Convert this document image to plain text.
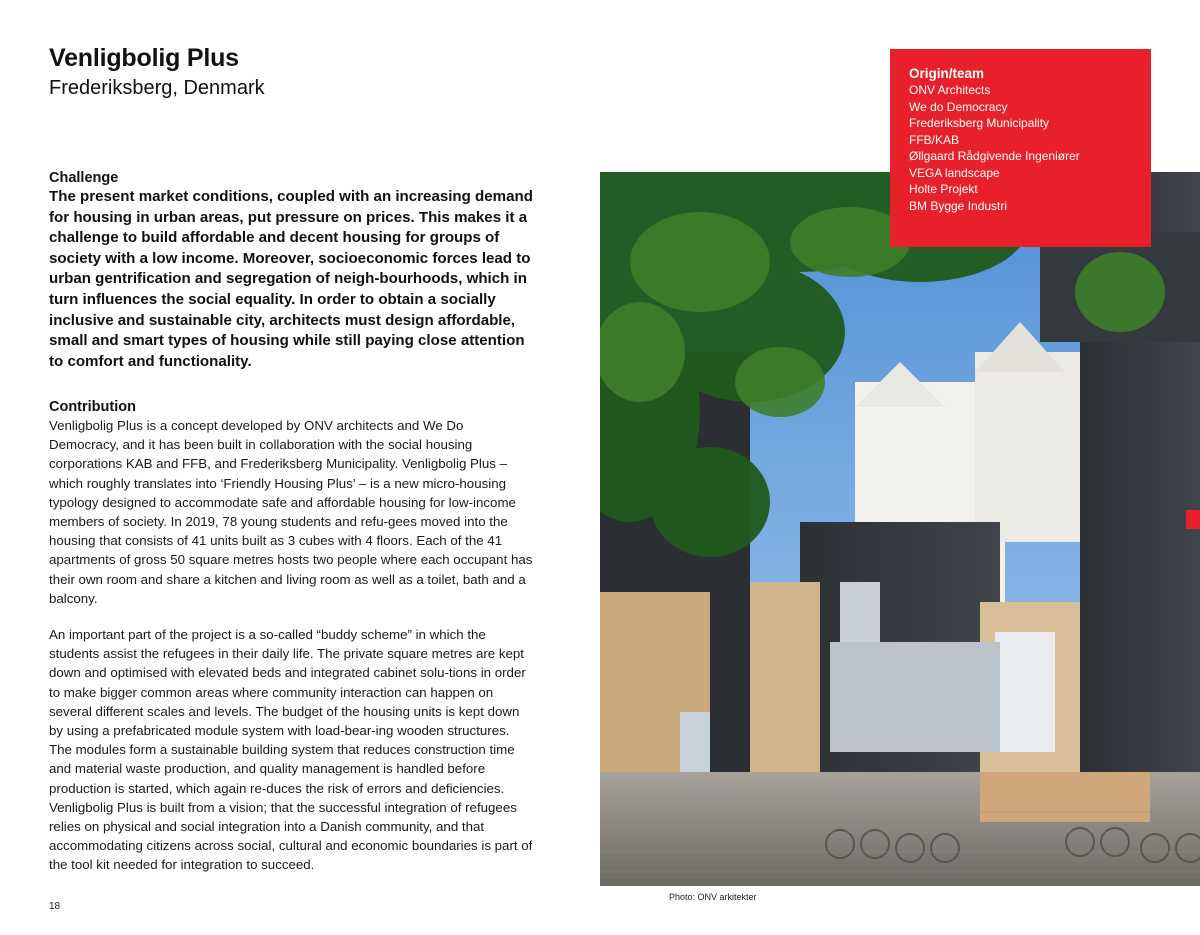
Venligbolig Plus
Frederiksberg, Denmark
Challenge

The present market conditions, coupled with an increasing demand for housing in urban areas, put pressure on prices. This makes it a challenge to build affordable and decent housing for groups of society with a low income. Moreover, socioeconomic forces lead to urban gentrification and segregation of neigh-bourhoods, which in turn influences the social equality. In order to obtain a socially inclusive and sustainable city, architects must design affordable, small and smart types of housing while still paying close attention to comfort and functionality.

Contribution

Venligbolig Plus is a concept developed by ONV architects and We Do Democracy, and it has been built in collaboration with the social housing corporations KAB and FFB, and Frederiksberg Municipality. Venligbolig Plus – which roughly translates into ‘Friendly Housing Plus’ – is a new micro-housing typology designed to accommodate safe and affordable housing for low-income members of society. In 2019, 78 young students and refu-gees moved into the housing that consists of 41 units built as 3 cubes with 4 floors. Each of the 41 apartments of gross 50 square metres hosts two people where each occupant has their own room and share a kitchen and living room as well as a toilet, bath and a balcony.

An important part of the project is a so-called “buddy scheme” in which the students assist the refugees in their daily life. The private square metres are kept down and optimised with elevated beds and integrated cabinet solu-tions in order to make bigger common areas where community interaction can happen on several different scales and levels. The budget of the housing units is kept down by using a prefabricated module system with load-bear-ing wooden structures. The modules form a sustainable building system that reduces construction time and material waste production, and quality management is handled before production is started, which again re-duces the risk of errors and deficiencies. Venligbolig Plus is built from a vision; that the successful integration of refugees relies on physical and social integration into a Danish community, and that accommodating citizens across social, cultural and economic boundaries is part of the tool kit needed for integration to succeed.

Origin/team
ONV Architects
We do Democracy
Frederiksberg Municipality
FFB/KAB
Øllgaard Rådgivende Ingeniører
VEGA landscape
Holte Projekt
BM Bygge Industri
Photo: ONV arkitekter
18
